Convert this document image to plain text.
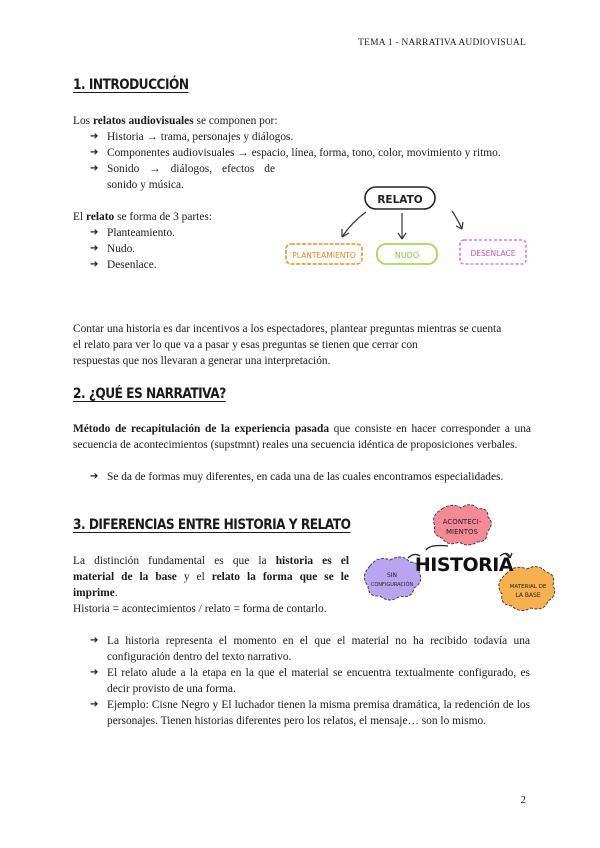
TEMA 1 - NARRATIVA AUDIOVISUAL
1. INTRODUCCIÓN
Los relatos audiovisuales se componen por:
➔ Historia → trama, personajes y diálogos.
➔ Componentes audiovisuales → espacio, línea, forma, tono, color, movimiento y ritmo.
➔ Sonido → diálogos, efectos de
sonido y música.
El relato se forma de 3 partes:
➔ Planteamiento.
➔ Nudo.
➔ Desenlace.
RELATO
PLANTEAMIENTO	NUDO	DESENLACE
Contar una historia es dar incentivos a los espectadores, plantear preguntas mientras se cuenta
el relato para ver lo que va a pasar y esas preguntas se tienen que cerrar con
respuestas que nos llevaran a generar una interpretación.
2. ¿QUÉ ES NARRATIVA?
Método de recapitulación de la experiencia pasada que consiste en hacer corresponder a una secuencia de acontecimientos (supstmnt) reales una secuencia idéntica de proposiciones verbales.
➔ Se da de formas muy diferentes, en cada una de las cuales encontramos especialidades.
3. DIFERENCIAS ENTRE HISTORIA Y RELATO
La distinción fundamental es que la historia es el
material de la base y el relato la forma que se le
imprime.
Historia = acontecimientos / relato = forma de contarlo.
ACONTECI-
MIENTOS
SIN
CONFIGURACIÓN	MATERIAL DE
LA BASE
HISTORIA
➔ La historia representa el momento en el que el material no ha recibido todavía una configuración dentro del texto narrativo.
➔ El relato alude a la etapa en la que el material se encuentra textualmente configurado, es decir provisto de una forma.
➔ Ejemplo: Cisne Negro y El luchador tienen la misma premisa dramática, la redención de los personajes. Tienen historias diferentes pero los relatos, el mensaje… son lo mismo.
2
